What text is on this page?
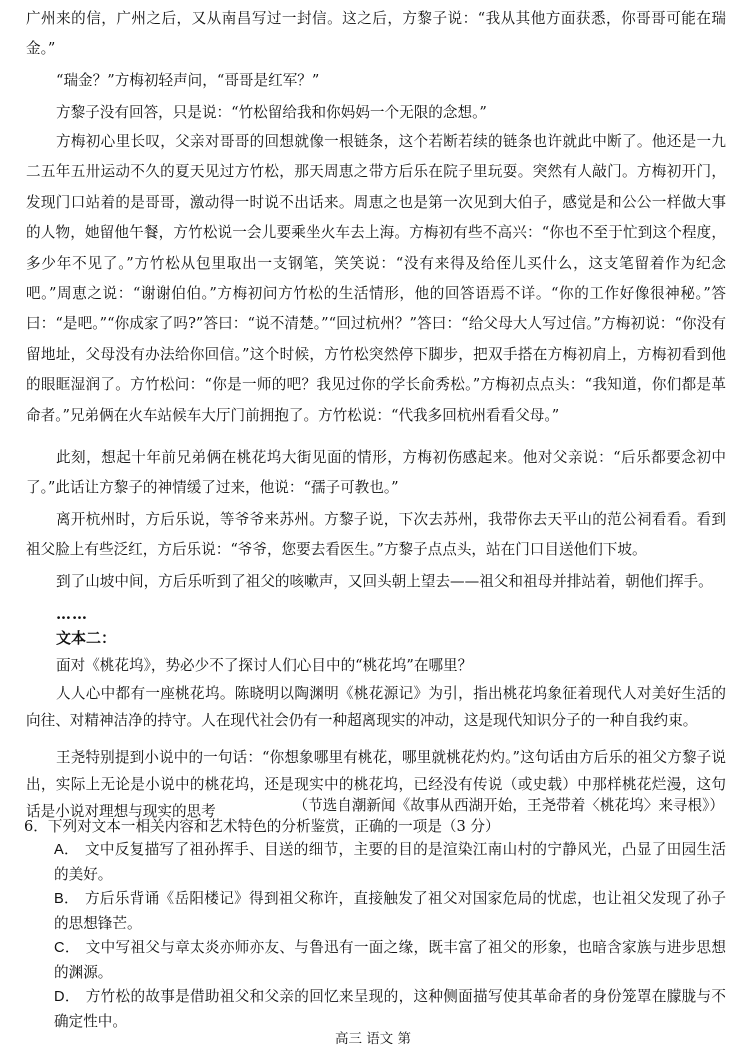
广州来的信，广州之后，又从南昌写过一封信。这之后，方黎子说：“我从其他方面获悉，你哥哥可能在瑞金。”

“瑞金？”方梅初轻声问，“哥哥是红军？”

方黎子没有回答，只是说：“竹松留给我和你妈妈一个无限的念想。”

方梅初心里长叹，父亲对哥哥的回想就像一根链条，这个若断若续的链条也许就此中断了。他还是一九二五年五卅运动不久的夏天见过方竹松，那天周恵之带方后乐在院子里玩耍。突然有人敲门。方梅初开门，发现门口站着的是哥哥，激动得一时说不出话来。周恵之也是第一次见到大伯子，感觉是和公公一样做大事的人物，她留他午餐，方竹松说一会儿要乘坐火车去上海。方梅初有些不高兴：“你也不至于忙到这个程度，多少年不见了。”方竹松从包里取出一支钢笔，笑笑说：“没有来得及给侄儿买什么，这支笔留着作为纪念吧。”周恵之说：“谢谢伯伯。”方梅初问方竹松的生活情形，他的回答语焉不详。“你的工作好像很神秘。”答曰：“是吧。”“你成家了吗?”答曰：“说不清楚。”“回过杭州？”答曰：“给父母大人写过信。”方梅初说：“你没有留地址，父母没有办法给你回信。”这个时候，方竹松突然停下脚步，把双手搭在方梅初肩上，方梅初看到他的眼眶湿润了。方竹松问：“你是一师的吧？我见过你的学长俞秀松。”方梅初点点头：“我知道，你们都是革命者。”兄弟俩在火车站候车大厅门前拥抱了。方竹松说：“代我多回杭州看看父母。”

此刻，想起十年前兄弟俩在桃花坞大街见面的情形，方梅初伤感起来。他对父亲说：“后乐都要念初中了。”此话让方黎子的神情缓了过来，他说：“孺子可教也。”

离开杭州时，方后乐说，等爷爷来苏州。方黎子说，下次去苏州，我带你去天平山的范公祠看看。看到祖父脸上有些泛红，方后乐说：“爷爷，您要去看医生。”方黎子点点头，站在门口目送他们下坡。

到了山坡中间，方后乐听到了祖父的咳嗽声，又回头朝上望去——祖父和祖母并排站着，朝他们挥手。

……

文本二：

面对《桃花坞》，势必少不了探讨人们心目中的“桃花坞”在哪里？

人人心中都有一座桃花坞。陈晓明以陶渊明《桃花源记》为引，指出桃花坞象征着现代人对美好生活的向往、对精神洁净的持守。人在现代社会仍有一种超离现实的冲动，这是现代知识分子的一种自我约束。

王尧特别提到小说中的一句话：“你想象哪里有桃花，哪里就桃花灼灼。”这句话由方后乐的祖父方黎子说出，实际上无论是小说中的桃花坞，还是现实中的桃花坞，已经没有传说（或史载）中那样桃花烂漫，这句话是小说对理想与现实的思考	（节选自潮新闻《故事从西湖开始，王尧带着〈桃花坞〉来寻根》）

6．下列对文本一相关内容和艺术特色的分析鉴赏，正确的一项是（3 分）

A． 文中反复描写了祖孙挥手、目送的细节，主要的目的是渲染江南山村的宁静风光，凸显了田园生活的美好。

B． 方后乐背诵《岳阳楼记》得到祖父称许，直接触发了祖父对国家危局的忧虑，也让祖父发现了孙子的思想锋芒。

C． 文中写祖父与章太炎亦师亦友、与鲁迅有一面之缘，既丰富了祖父的形象，也暗含家族与进步思想的渊源。

D． 方竹松的故事是借助祖父和父亲的回忆来呈现的，这种侧面描写使其革命者的身份笼罩在朦胧与不确定性中。

高三 语文 第
